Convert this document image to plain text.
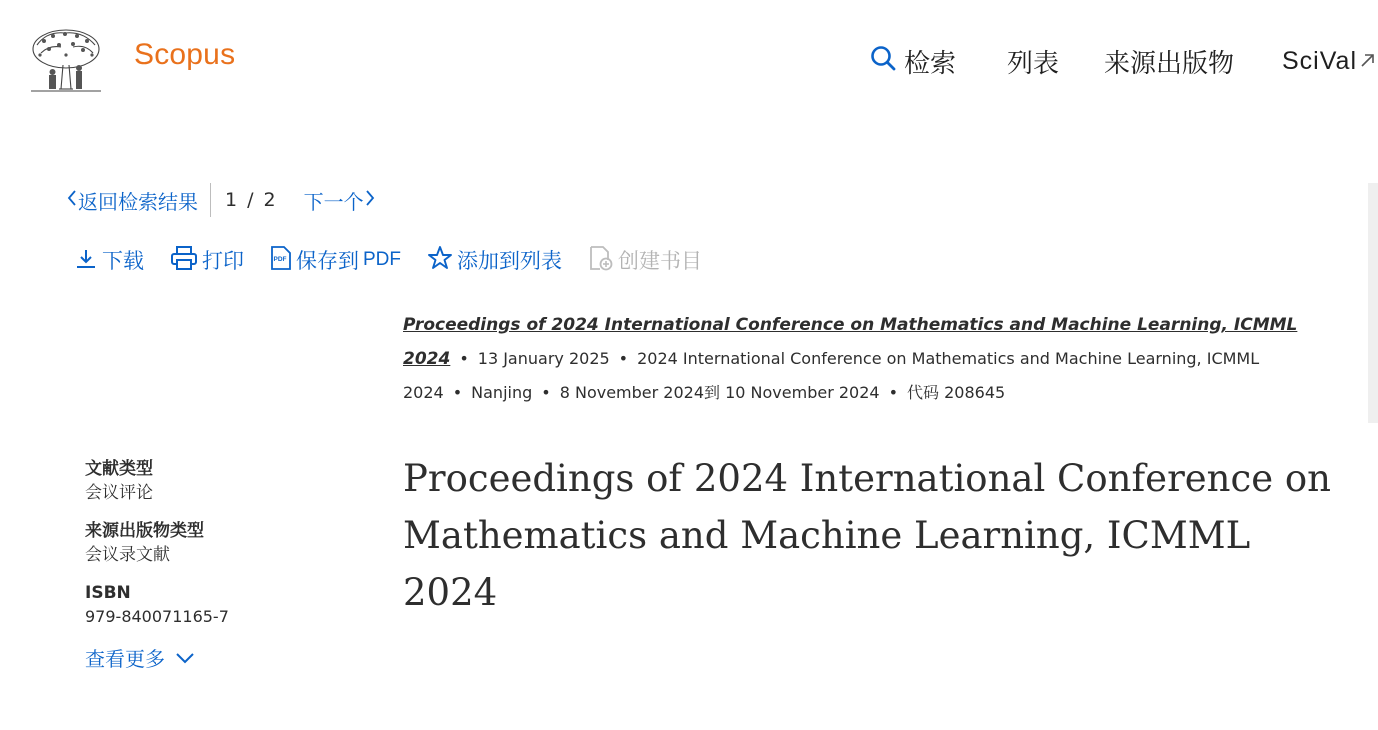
Scopus	检索 列表 来源出版物 SciVal
返回检索结果 1 / 2 下一个
下载	打印	PDF 保存到 PDF	添加到列表	创建书目
Proceedings of 2024 International Conference on Mathematics and Machine Learning, ICMML 2024 • 13 January 2025 • 2024 International Conference on Mathematics and Machine Learning, ICMML 2024 • Nanjing • 8 November 2024到 10 November 2024 • 代码 208645
文献类型
会议评论
来源出版物类型
会议录文献
ISBN
979-840071165-7
查看更多
Proceedings of 2024 International Conference on Mathematics and Machine Learning, ICMML 2024
